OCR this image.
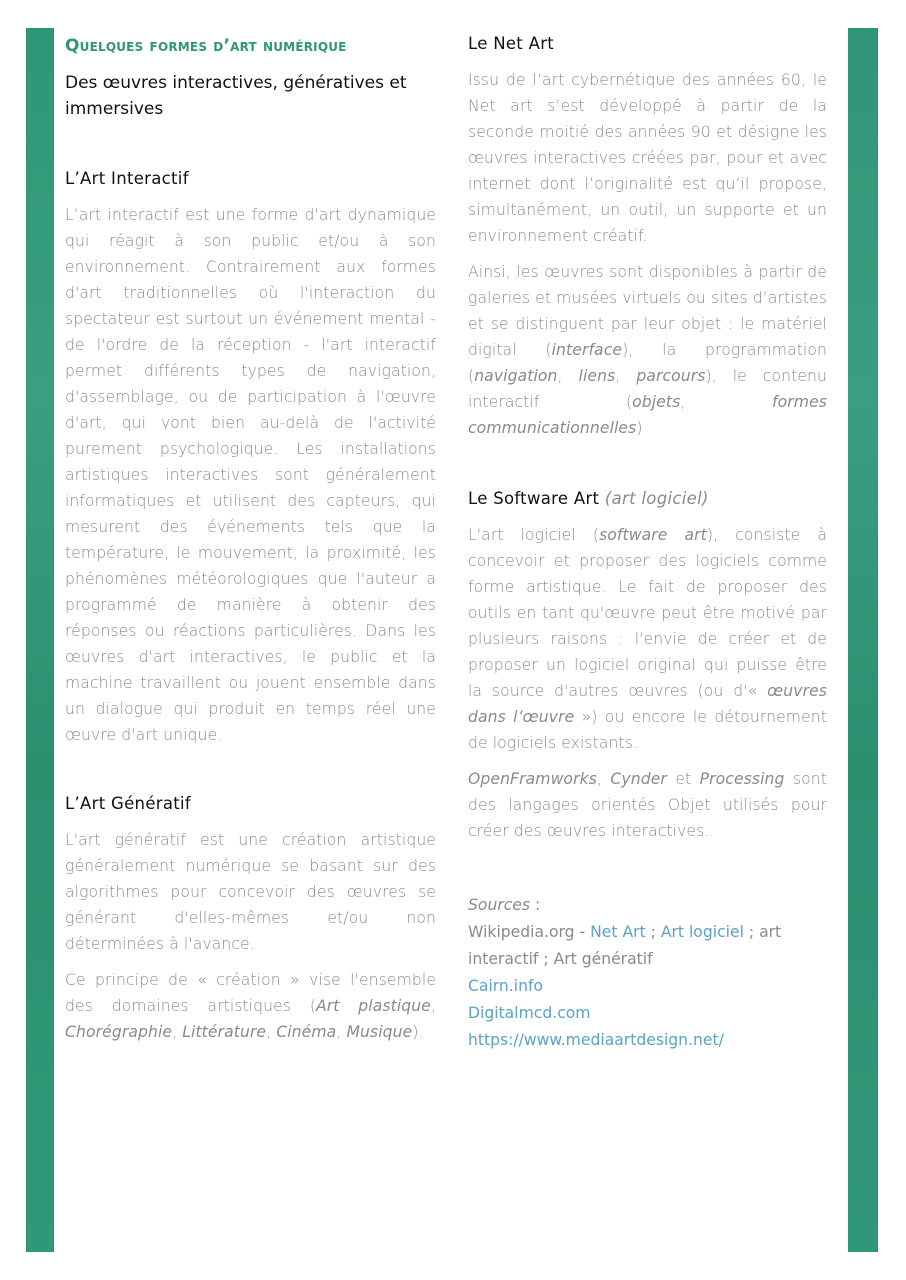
Quelques formes d’art numérique
Des œuvres interactives, génératives et immersives
L’Art Interactif

L’art interactif est une forme d'art dynamique qui réagit à son public et/ou à son environnement. Contrairement aux formes d'art traditionnelles où l'interaction du spectateur est surtout un événement mental - de l'ordre de la réception - l'art interactif permet différents types de navigation, d'assemblage, ou de participation à l'œuvre d'art, qui vont bien au-delà de l'activité purement psychologique. Les installations artistiques interactives sont généralement informatiques et utilisent des capteurs, qui mesurent des événements tels que la température, le mouvement, la proximité, les phénomènes météorologiques que l'auteur a programmé de manière à obtenir des réponses ou réactions particulières. Dans les œuvres d'art interactives, le public et la machine travaillent ou jouent ensemble dans un dialogue qui produit en temps réel une œuvre d'art unique.

L’Art Génératif

L'art génératif est une création artistique généralement numérique se basant sur des algorithmes pour concevoir des œuvres se générant d'elles-mêmes et/ou non déterminées à l'avance.

Ce principe de « création » vise l'ensemble des domaines artistiques (Art plastique, Chorégraphie, Littérature, Cinéma, Musique).

Le Net Art

Issu de l’art cybernétique des années 60, le Net art s’est développé à partir de la seconde moitié des années 90 et désigne les œuvres interactives créées par, pour et avec internet dont l’originalité est qu’il propose, simultanément, un outil, un supporte et un environnement créatif.

Ainsi, les œuvres sont disponibles à partir de galeries et musées virtuels ou sites d’artistes et se distinguent par leur objet : le matériel digital (interface), la programmation (navigation, liens, parcours), le contenu interactif (objets, formes communicationnelles)

Le Software Art (art logiciel)

L'art logiciel (software art), consiste à concevoir et proposer des logiciels comme forme artistique. Le fait de proposer des outils en tant qu'œuvre peut être motivé par plusieurs raisons : l'envie de créer et de proposer un logiciel original qui puisse être la source d'autres œuvres (ou d'« œuvres dans l’œuvre ») ou encore le détournement de logiciels existants.

OpenFramworks, Cynder et Processing sont des langages orientés Objet utilisés pour créer des œuvres interactives.

Sources :
Wikipedia.org - Net Art ; Art logiciel ; art
interactif ; Art génératif
Cairn.info
Digitalmcd.com
https://www.mediaartdesign.net/
